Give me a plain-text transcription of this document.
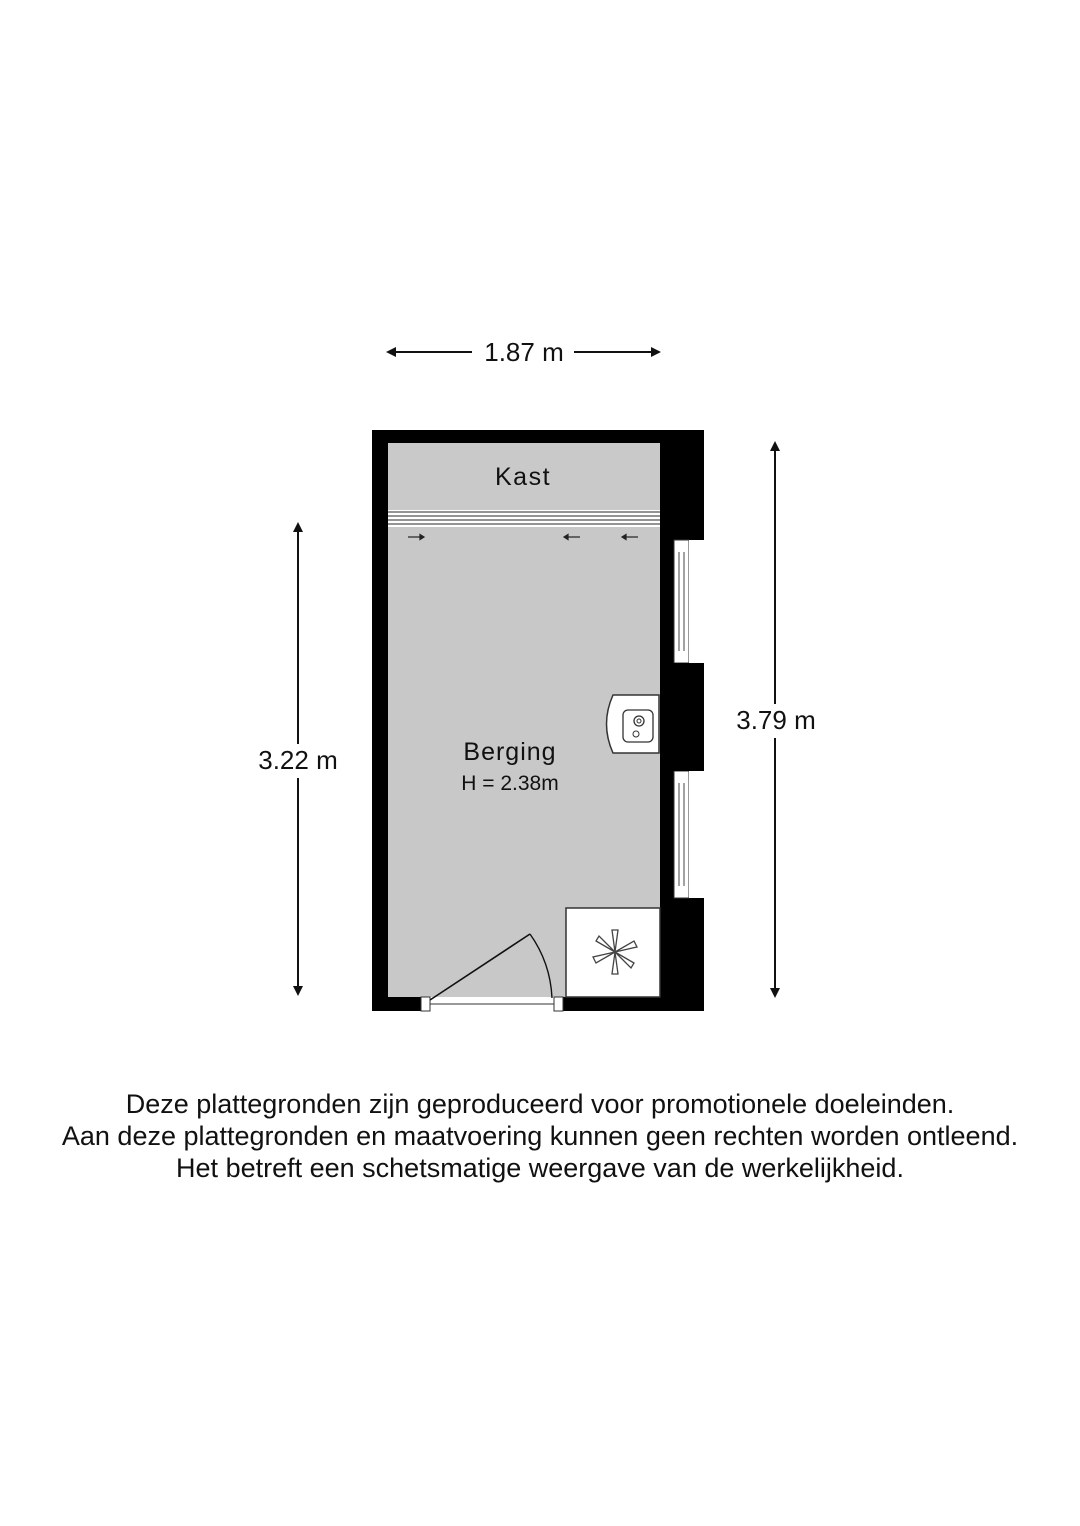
1.87 m
3.22 m
3.79 m
Kast
Berging
H = 2.38m
Deze plattegronden zijn geproduceerd voor promotionele doeleinden.
Aan deze plattegronden en maatvoering kunnen geen rechten worden ontleend.
Het betreft een schetsmatige weergave van de werkelijkheid.
